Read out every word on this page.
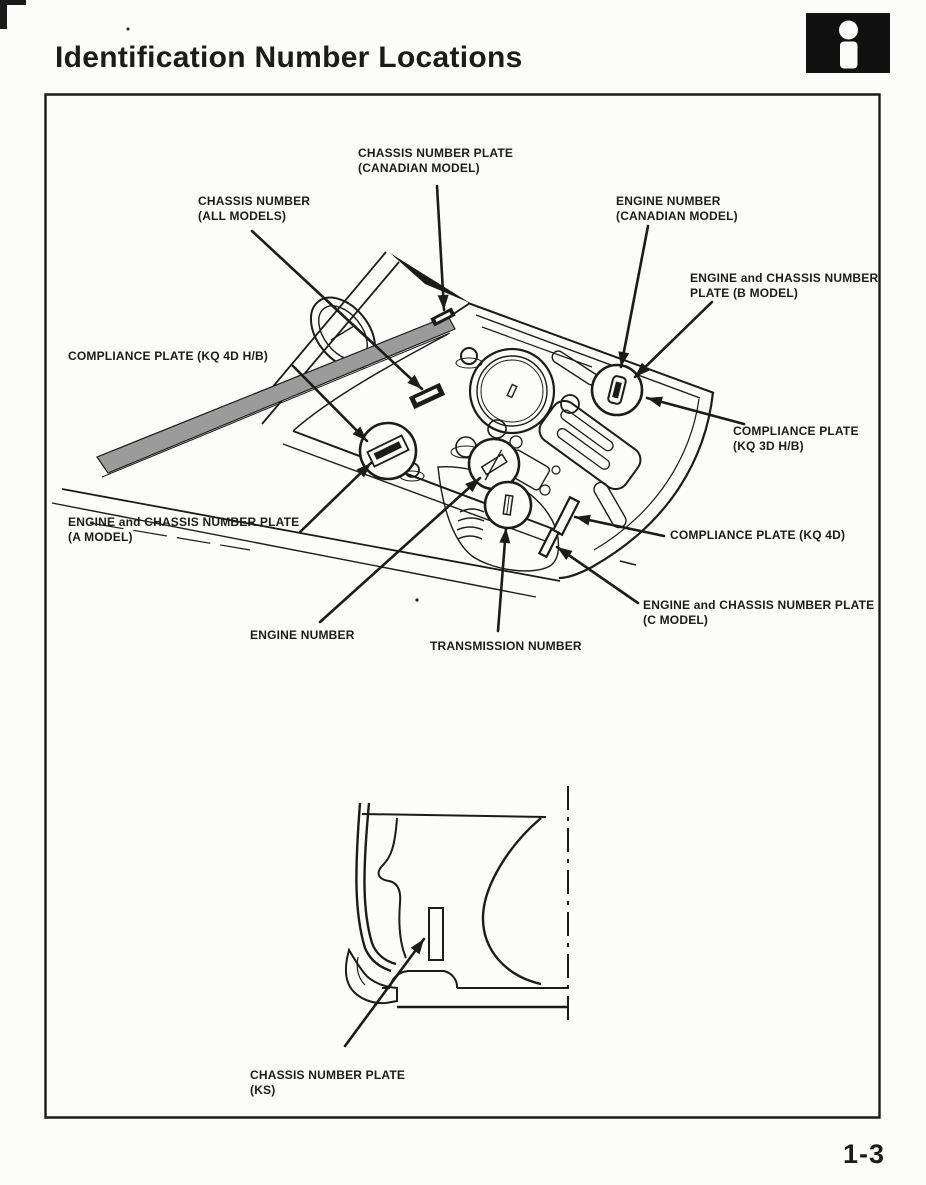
Identification Number Locations
CHASSIS NUMBER PLATE
(CANADIAN MODEL)
CHASSIS NUMBER
(ALL MODELS)
ENGINE NUMBER
(CANADIAN MODEL)
ENGINE and CHASSIS NUMBER
PLATE (B MODEL)
COMPLIANCE PLATE (KQ 4D H/B)
COMPLIANCE PLATE
(KQ 3D H/B)
ENGINE and CHASSIS NUMBER PLATE
(A MODEL)	COMPLIANCE PLATE (KQ 4D)
ENGINE and CHASSIS NUMBER PLATE
(C MODEL)
ENGINE NUMBER
TRANSMISSION NUMBER
CHASSIS NUMBER PLATE
(KS)
1-3
